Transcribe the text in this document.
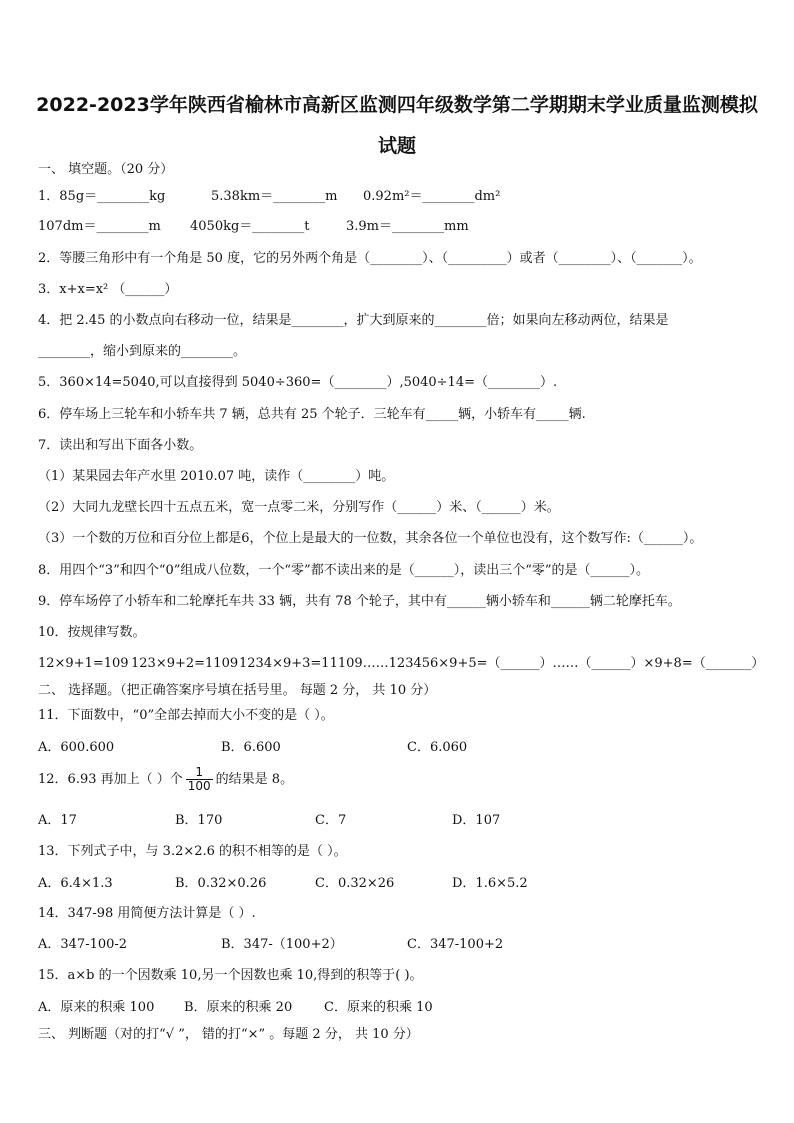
2022-2023学年陕西省榆林市高新区监测四年级数学第二学期期末学业质量监测模拟
试题
一、 填空题。（20 分）
1．85g＝________kg	5.38km＝________m 0.92m²＝________dm²
107dm＝________m 4050kg＝________t	3.9m＝________mm
2．等腰三角形中有一个角是 50 度，它的另外两个角是（________）、（_________）或者（________）、（_______）。
3．x+x=x² （______）
4．把 2.45 的小数点向右移动一位，结果是________，扩大到原来的________倍；如果向左移动两位，结果是
________，缩小到原来的________。
5．360×14=5040,可以直接得到 5040÷360=（________）,5040÷14=（________）.
6．停车场上三轮车和小轿车共 7 辆，总共有 25 个轮子．三轮车有_____辆，小轿车有_____辆.
7．读出和写出下面各小数。
（1）某果园去年产水里 2010.07 吨，读作（________）吨。
（2）大同九龙壁长四十五点五米，宽一点零二米，分别写作（______）米、（______）米。
（3）一个数的万位和百分位上都是6，个位上是最大的一位数，其余各位一个单位也没有，这个数写作:（______）。
8．用四个“3”和四个“0”组成八位数，一个“零”都不读出来的是（______），读出三个“零”的是（______）。
9．停车场停了小轿车和二轮摩托车共 33 辆，共有 78 个轮子，其中有______辆小轿车和______辆二轮摩托车。
10．按规律写数。
12×9+1=109 123×9+2=1109 1234×9+3=11109……123456×9+5=（______）……（______）×9+8=（_______）
二、 选择题。（把正确答案序号填在括号里。 每题 2 分， 共 10 分）
11．下面数中，“0”全部去掉而大小不变的是（ ）。
A．600.600	B．6.600	C．6.060
12．6.93 再加上（ ）个 $\frac{1}{100}$ 的结果是 8。
A．17	B．170	C．7	D．107
13．下列式子中，与 3.2×2.6 的积不相等的是（ ）。
A．6.4×1.3	B．0.32×0.26	C．0.32×26	D．1.6×5.2
14．347-98 用简便方法计算是（ ）.
A．347-100-2	B．347-（100+2）	C．347-100+2
15．a×b 的一个因数乘 10,另一个因数也乘 10,得到的积等于( )。
A．原来的积乘 100 B．原来的积乘 20 C．原来的积乘 10
三、 判断题（对的打“√ ”， 错的打“×” 。每题 2 分， 共 10 分）
